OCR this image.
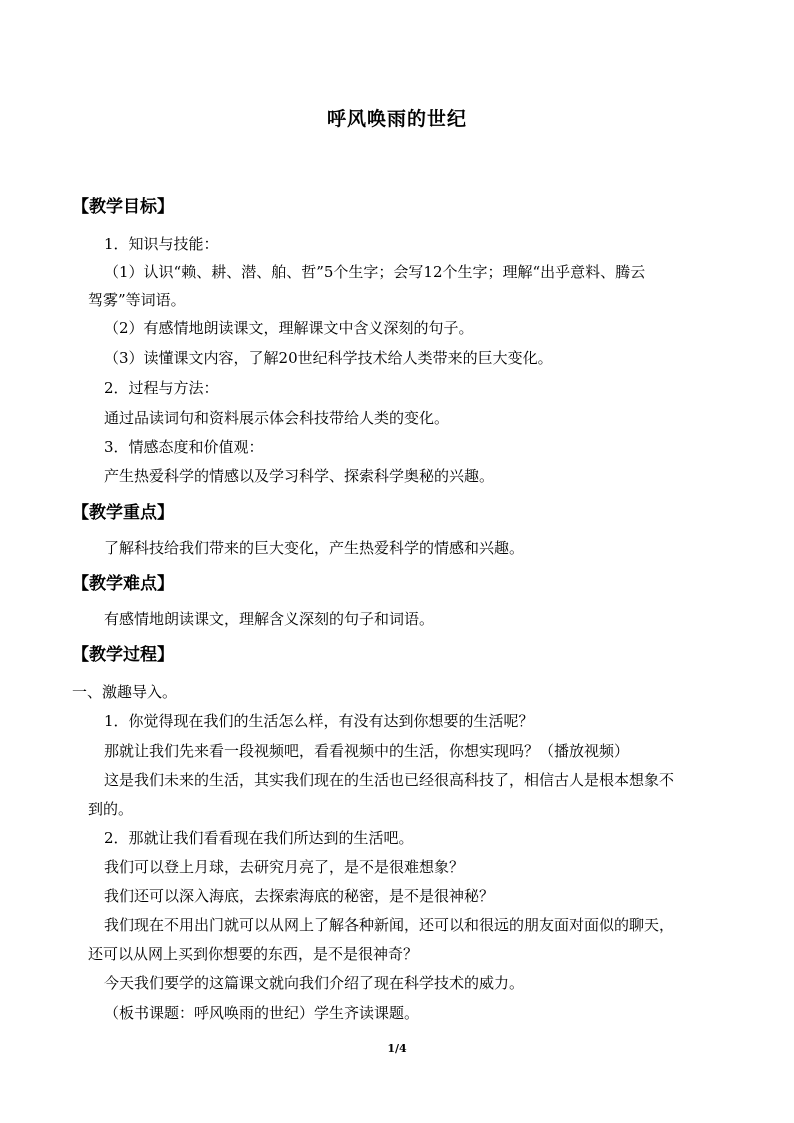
呼风唤雨的世纪
【教学目标】
1．知识与技能：
（1）认识“赖、耕、潜、舶、哲”5个生字；会写12个生字；理解“出乎意料、腾云
驾雾”等词语。
（2）有感情地朗读课文，理解课文中含义深刻的句子。
（3）读懂课文内容，了解20世纪科学技术给人类带来的巨大变化。
2．过程与方法：
通过品读词句和资料展示体会科技带给人类的变化。
3．情感态度和价值观：
产生热爱科学的情感以及学习科学、探索科学奥秘的兴趣。
【教学重点】
了解科技给我们带来的巨大变化，产生热爱科学的情感和兴趣。
【教学难点】
有感情地朗读课文，理解含义深刻的句子和词语。
【教学过程】
一、激趣导入。
1．你觉得现在我们的生活怎么样，有没有达到你想要的生活呢？
那就让我们先来看一段视频吧，看看视频中的生活，你想实现吗？（播放视频）
这是我们未来的生活，其实我们现在的生活也已经很高科技了，相信古人是根本想象不
到的。
2．那就让我们看看现在我们所达到的生活吧。
我们可以登上月球，去研究月亮了，是不是很难想象？
我们还可以深入海底，去探索海底的秘密，是不是很神秘？
我们现在不用出门就可以从网上了解各种新闻，还可以和很远的朋友面对面似的聊天，
还可以从网上买到你想要的东西，是不是很神奇？
今天我们要学的这篇课文就向我们介绍了现在科学技术的威力。
（板书课题：呼风唤雨的世纪）学生齐读课题。
1/4
